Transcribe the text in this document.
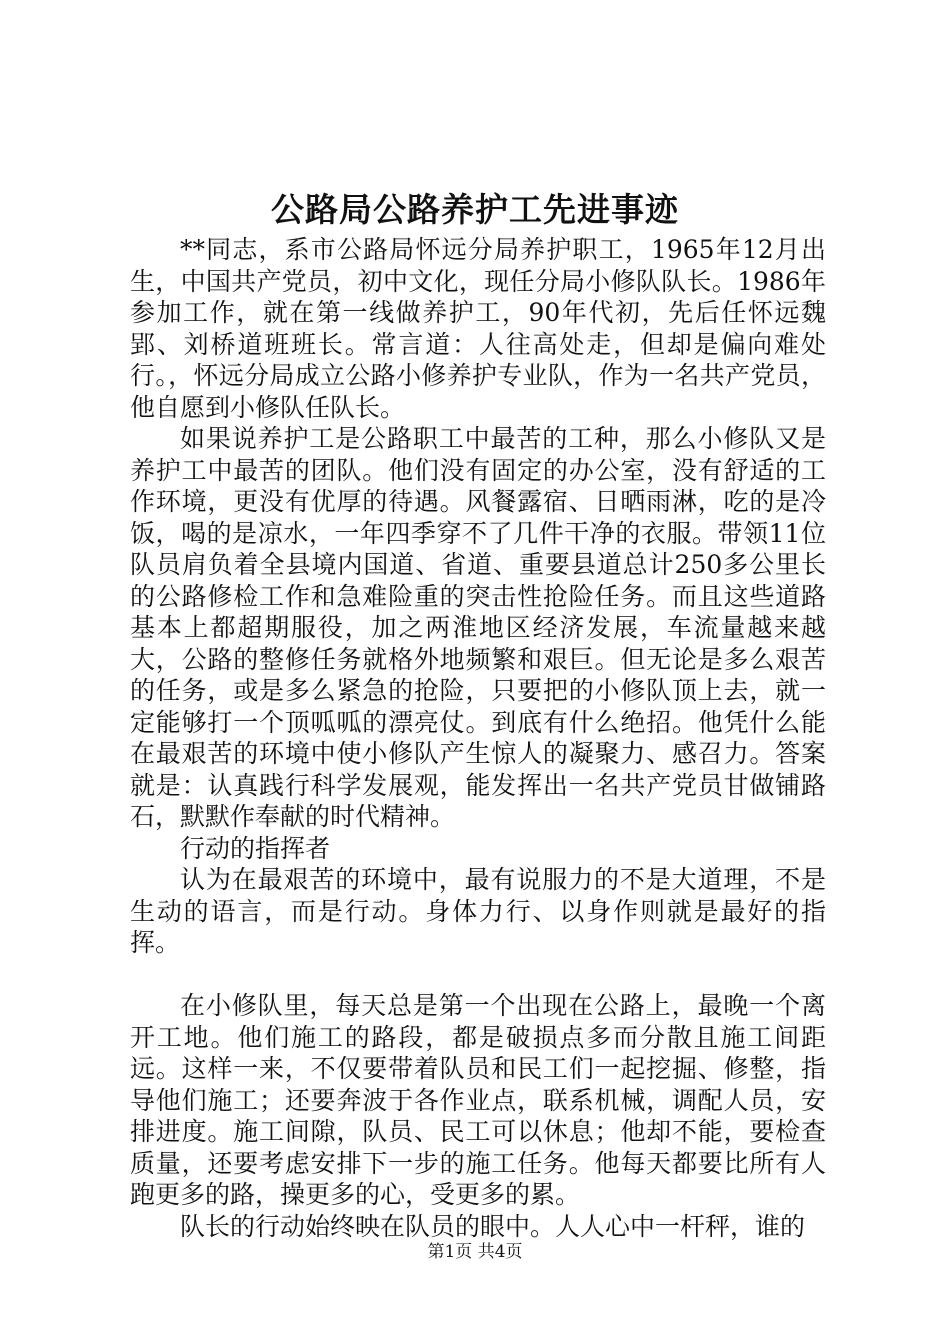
公路局公路养护工先进事迹

**同志，系市公路局怀远分局养护职工，1965年12月出生，中国共产党员，初中文化，现任分局小修队队长。1986年参加工作，就在第一线做养护工，90年代初，先后任怀远魏郢、刘桥道班班长。常言道：人往高处走，但却是偏向难处行。，怀远分局成立公路小修养护专业队，作为一名共产党员，他自愿到小修队任队长。

如果说养护工是公路职工中最苦的工种，那么小修队又是养护工中最苦的团队。他们没有固定的办公室，没有舒适的工作环境，更没有优厚的待遇。风餐露宿、日晒雨淋，吃的是冷饭，喝的是凉水，一年四季穿不了几件干净的衣服。带领11位队员肩负着全县境内国道、省道、重要县道总计250多公里长的公路修检工作和急难险重的突击性抢险任务。而且这些道路基本上都超期服役，加之两淮地区经济发展，车流量越来越大，公路的整修任务就格外地频繁和艰巨。但无论是多么艰苦的任务，或是多么紧急的抢险，只要把的小修队顶上去，就一定能够打一个顶呱呱的漂亮仗。到底有什么绝招。他凭什么能在最艰苦的环境中使小修队产生惊人的凝聚力、感召力。答案就是：认真践行科学发展观，能发挥出一名共产党员甘做铺路石，默默作奉献的时代精神。

行动的指挥者

认为在最艰苦的环境中，最有说服力的不是大道理，不是生动的语言，而是行动。身体力行、以身作则就是最好的指挥。

在小修队里，每天总是第一个出现在公路上，最晚一个离开工地。他们施工的路段，都是破损点多而分散且施工间距远。这样一来，不仅要带着队员和民工们一起挖掘、修整，指导他们施工；还要奔波于各作业点，联系机械，调配人员，安排进度。施工间隙，队员、民工可以休息；他却不能，要检查质量，还要考虑安排下一步的施工任务。他每天都要比所有人跑更多的路，操更多的心，受更多的累。

队长的行动始终映在队员的眼中。人人心中一杆秤，谁的

第1页 共4页
